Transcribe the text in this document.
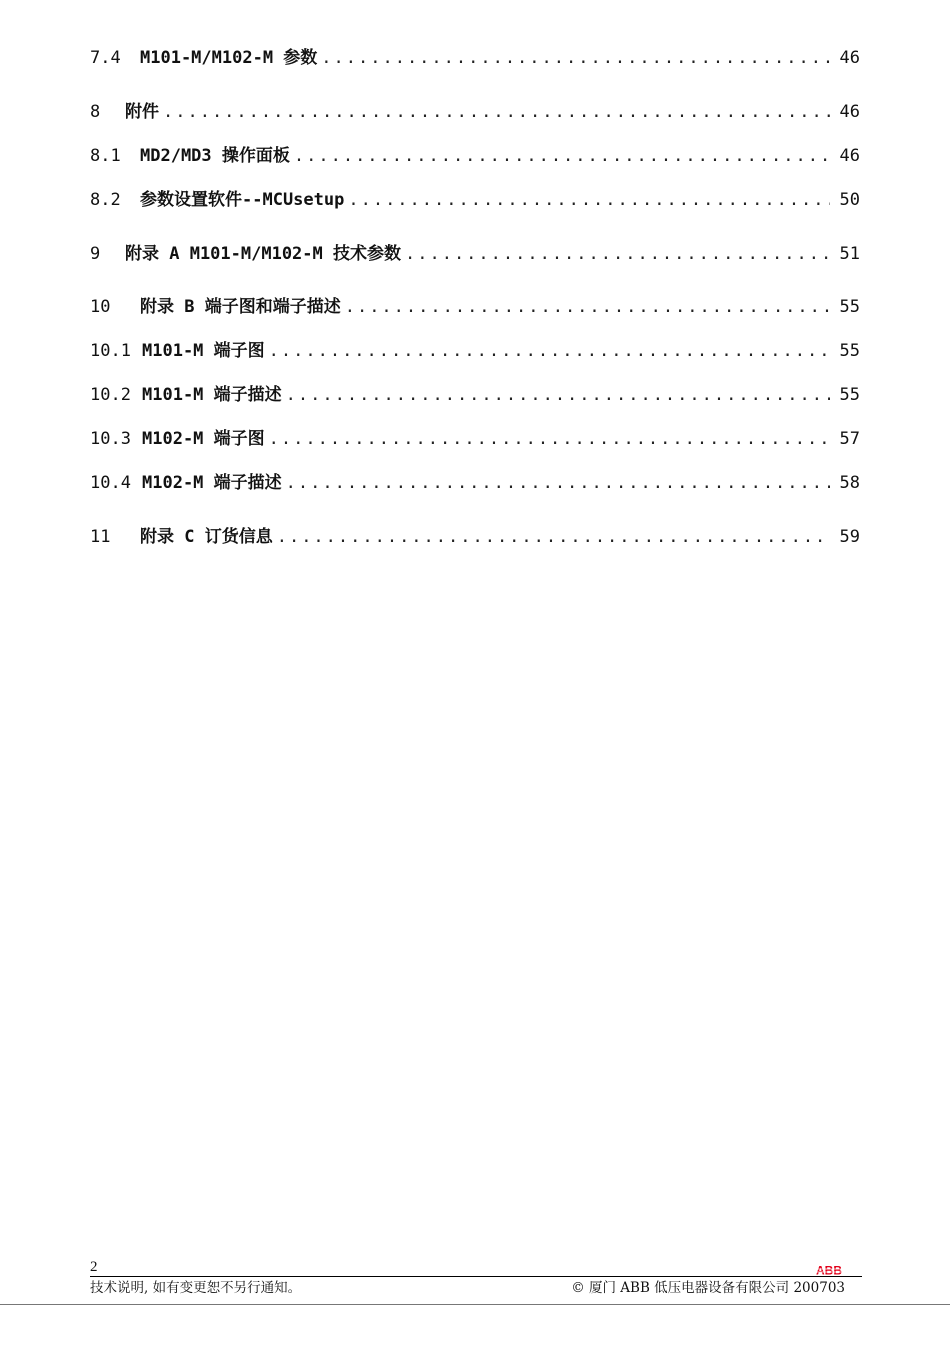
7.4	M101-M/M102-M 参数 .....	46
8	附件 .....	46
8.1	MD2/MD3 操作面板 .....	46
8.2	参数设置软件--MCUsetup .....	50
9	附录 A M101-M/M102-M 技术参数 .....	51
10	附录 B 端子图和端子描述 .....	55
10.1 M101-M 端子图 .....	55
10.2 M101-M 端子描述 .....	55
10.3 M102-M 端子图 .....	57
10.4 M102-M 端子描述 .....	58
11	附录 C 订货信息 .....	59
2	ABB
技术说明, 如有变更恕不另行通知。	© 厦门 ABB 低压电器设备有限公司 200703
